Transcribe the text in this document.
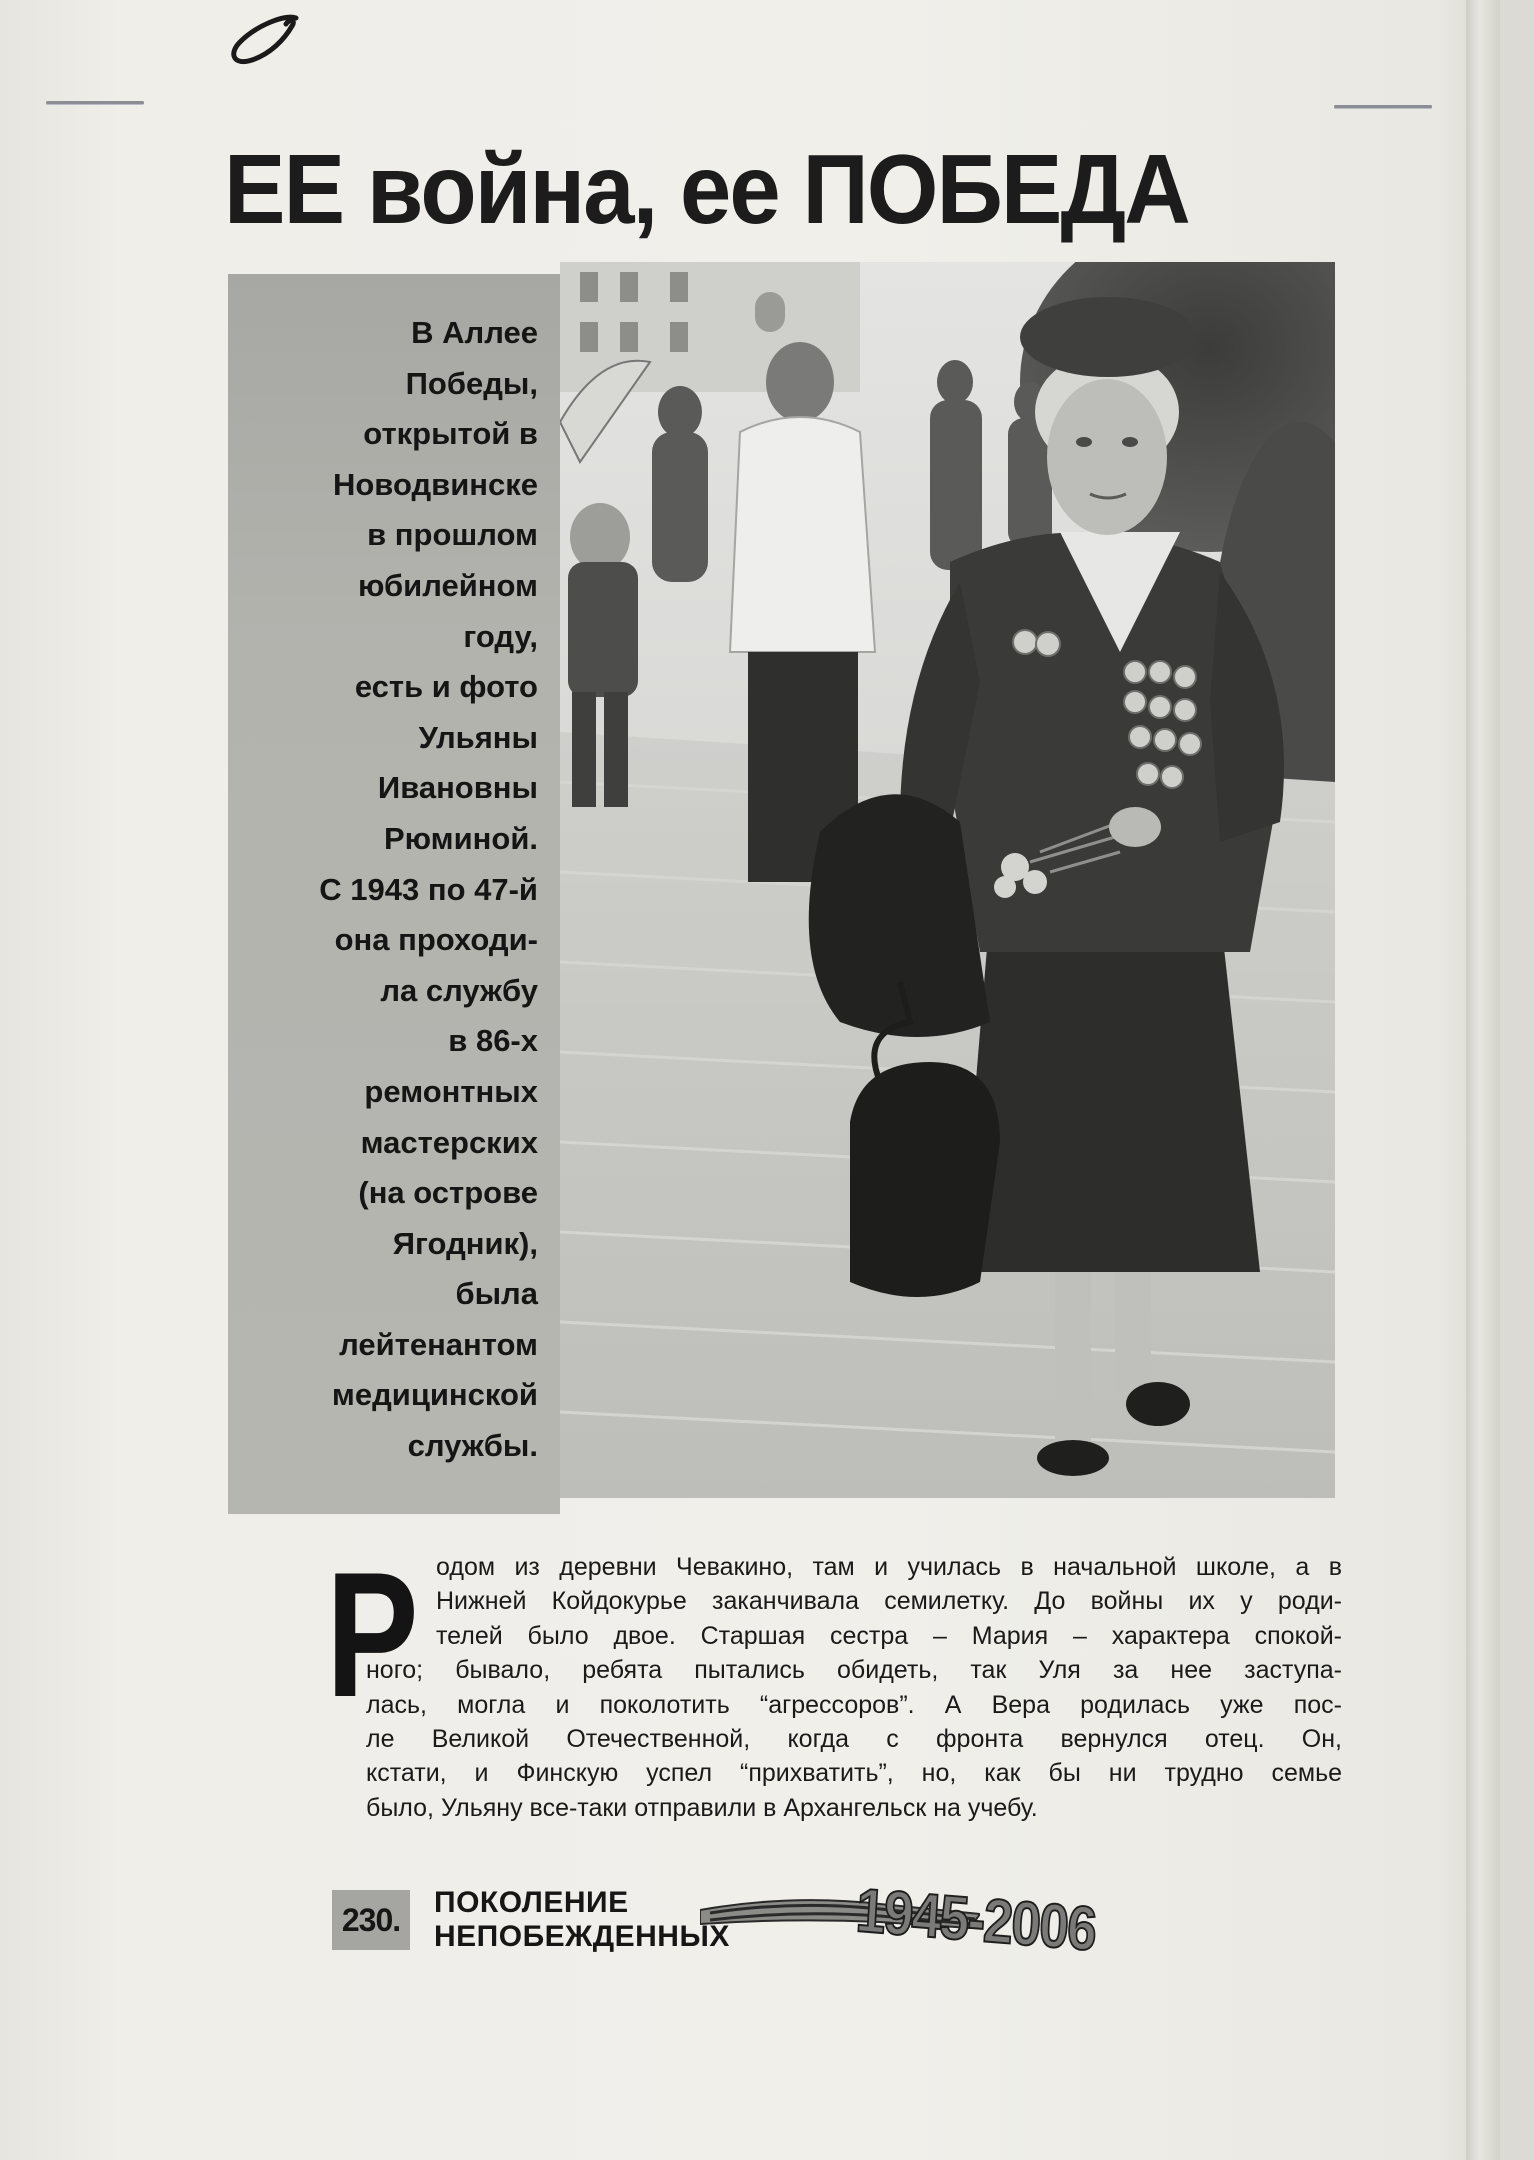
ЕЕ война, ее ПОБЕДА

В Аллее
Победы,
открытой в
Новодвинске
в прошлом
юбилейном
году,
есть и фото
Ульяны
Ивановны
Рюминой.
С 1943 по 47-й
она проходи-
ла службу
в 86-х
ремонтных
мастерских
(на острове
Ягодник),
была
лейтенантом
медицинской
службы.

Р одом из деревни Чевакино, там и училась в начальной школе, а в
Нижней Койдокурье заканчивала семилетку. До войны их у роди-
телей было двое. Старшая сестра – Мария – характера спокой-
ного; бывало, ребята пытались обидеть, так Уля за нее заступа-
лась, могла и поколотить “агрессоров”. А Вера родилась уже пос-
ле Великой Отечественной, когда с фронта вернулся отец. Он,
кстати, и Финскую успел “прихватить”, но, как бы ни трудно семье
было, Ульяну все-таки отправили в Архангельск на учебу.
230.	ПОКОЛЕНИЕ
НЕПОБЕЖДЕННЫХ 1945-2006
